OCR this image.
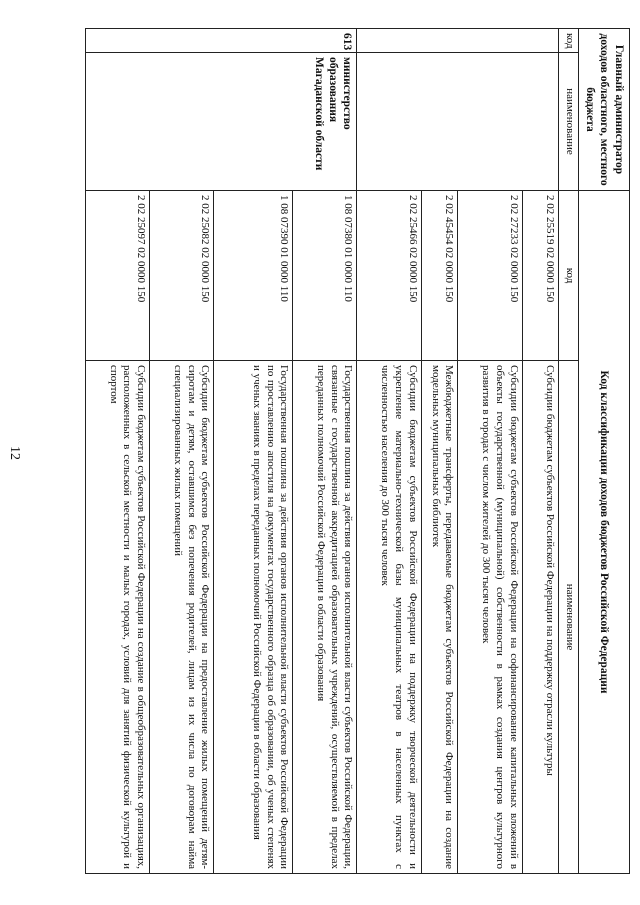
12
Главный администратор доходов областного, местного бюджета		Код классификации доходов бюджетов Российской Федерации	
код	наименование	код	наименование
		2 02 25519 02 0000 150	Субсидии бюджетам субъектов Российской Федерации на поддержку отрасли культуры
		2 02 27233 02 0000 150	Субсидии бюджетам субъектов Российской Федерации на софинансирование капитальных вложений в объекты государственной (муниципальной) собственности в рамках создания центров культурного развития в городах с числом жителей до 300 тысяч человек
		2 02 45454 02 0000 150	Межбюджетные трансферты, передаваемые бюджетам субъектов Российской Федерации на создание модельных муниципальных библиотек
		2 02 25466 02 0000 150	Субсидии бюджетам субъектов Российской Федерации на поддержку творческой деятельности и укрепление материально-технической базы муниципальных театров в населенных пунктах с численностью населения до 300 тысяч человек
613	министерство образования Магаданской области	1 08 07380 01 0000 110	Государственная пошлина за действия органов исполнительной власти субъектов Российской Федерации, связанные с государственной аккредитацией образовательных учреждений, осуществляемой в пределах переданных полномочий Российской Федерации в области образования
		1 08 07390 01 0000 110	Государственная пошлина за действия органов исполнительной власти субъектов Российской Федерации по проставлению апостиля на документах государственного образца об образовании, об ученых степенях и ученых званиях в пределах переданных полномочий Российской Федерации в области образования
		2 02 25082 02 0000 150	Субсидии бюджетам субъектов Российской Федерации на предоставление жилых помещений детям-сиротам и детям, оставшимся без попечения родителей, лицам из их числа по договорам найма специализированных жилых помещений
		2 02 25097 02 0000 150	Субсидии бюджетам субъектов Российской Федерации на создание в общеобразовательных организациях, расположенных в сельской местности и малых городах, условий для занятий физической культурой и спортом
